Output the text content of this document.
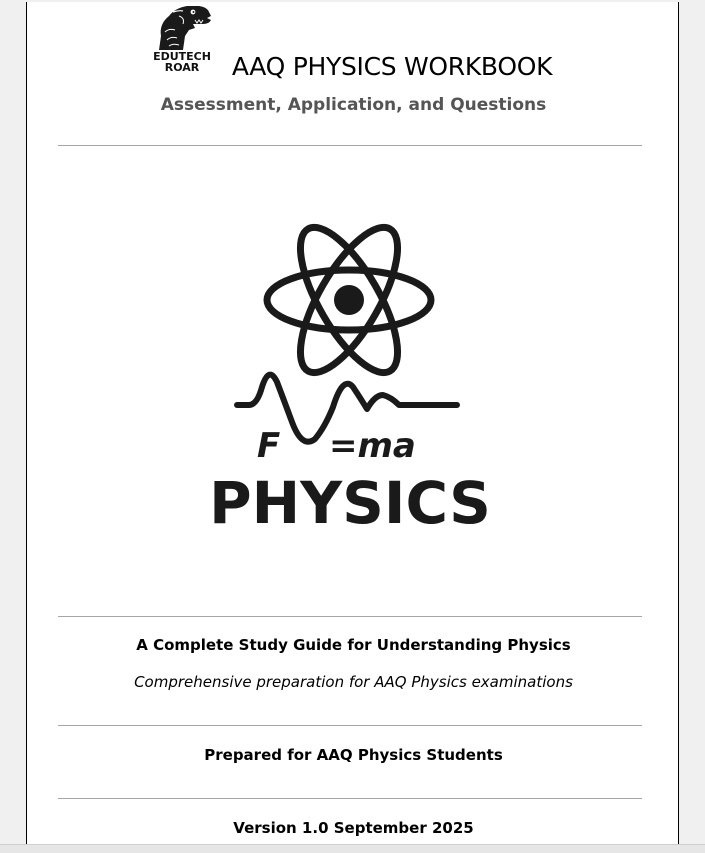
EDUTECH
ROAR	AAQ PHYSICS WORKBOOK
Assessment, Application, and Questions
F =ma
PHYSICS
A Complete Study Guide for Understanding Physics
Comprehensive preparation for AAQ Physics examinations
Prepared for AAQ Physics Students
Version 1.0 September 2025
